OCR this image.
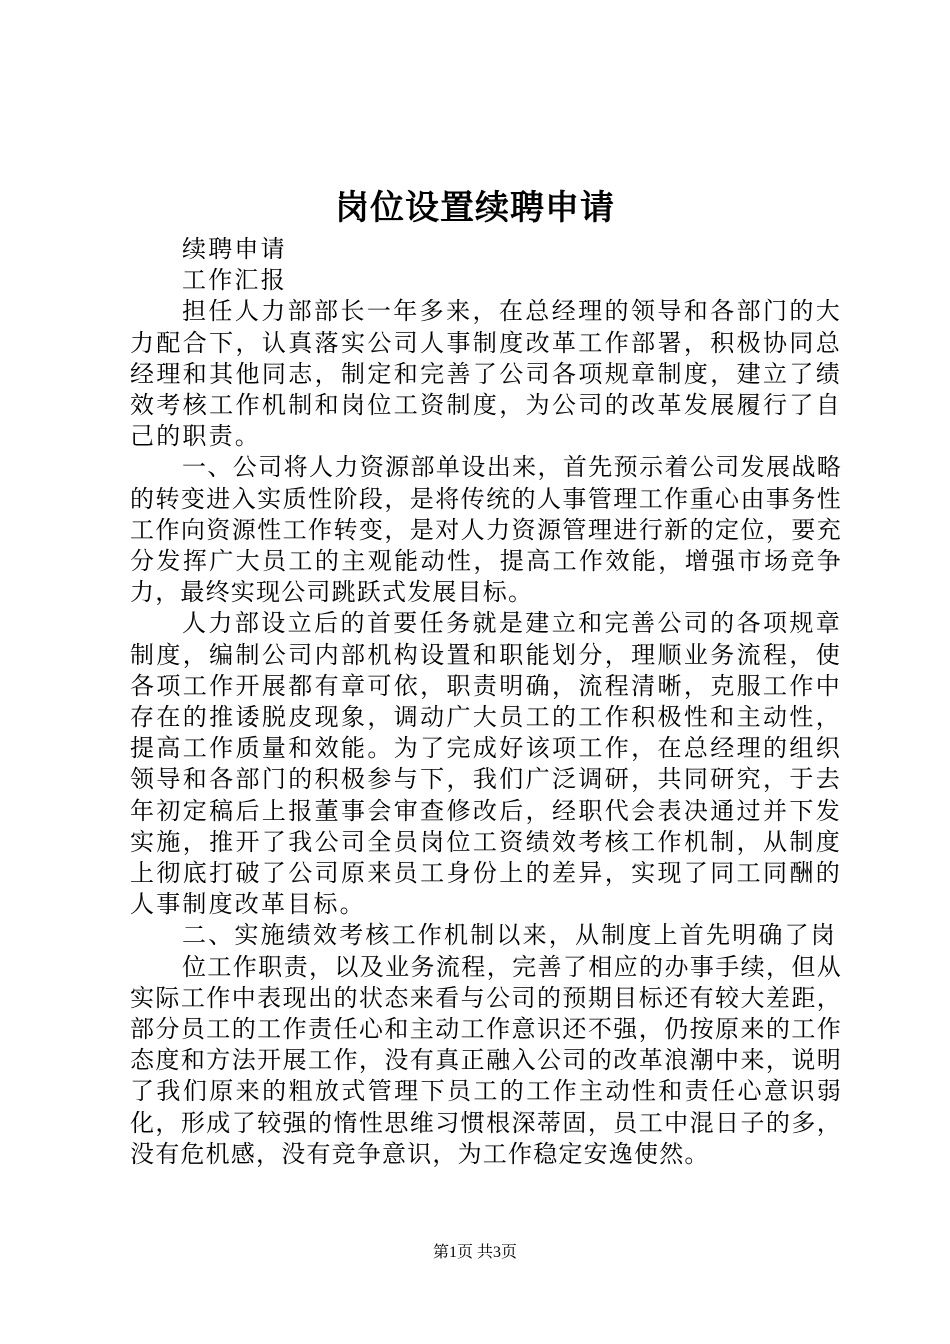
岗位设置续聘申请

续聘申请

工作汇报

担任人力部部长一年多来，在总经理的领导和各部门的大力配合下，认真落实公司人事制度改革工作部署，积极协同总经理和其他同志，制定和完善了公司各项规章制度，建立了绩效考核工作机制和岗位工资制度，为公司的改革发展履行了自己的职责。

一、公司将人力资源部单设出来，首先预示着公司发展战略的转变进入实质性阶段，是将传统的人事管理工作重心由事务性工作向资源性工作转变，是对人力资源管理进行新的定位，要充分发挥广大员工的主观能动性，提高工作效能，增强市场竞争力，最终实现公司跳跃式发展目标。

人力部设立后的首要任务就是建立和完善公司的各项规章制度，编制公司内部机构设置和职能划分，理顺业务流程，使各项工作开展都有章可依，职责明确，流程清晰，克服工作中存在的推诿脱皮现象，调动广大员工的工作积极性和主动性，提高工作质量和效能。为了完成好该项工作，在总经理的组织领导和各部门的积极参与下，我们广泛调研，共同研究，于去年初定稿后上报董事会审查修改后，经职代会表决通过并下发实施，推开了我公司全员岗位工资绩效考核工作机制，从制度上彻底打破了公司原来员工身份上的差异，实现了同工同酬的人事制度改革目标。

二、实施绩效考核工作机制以来，从制度上首先明确了岗

位工作职责，以及业务流程，完善了相应的办事手续，但从实际工作中表现出的状态来看与公司的预期目标还有较大差距，部分员工的工作责任心和主动工作意识还不强，仍按原来的工作态度和方法开展工作，没有真正融入公司的改革浪潮中来，说明了我们原来的粗放式管理下员工的工作主动性和责任心意识弱化，形成了较强的惰性思维习惯根深蒂固，员工中混日子的多，没有危机感，没有竞争意识，为工作稳定安逸使然。

第1页 共3页
